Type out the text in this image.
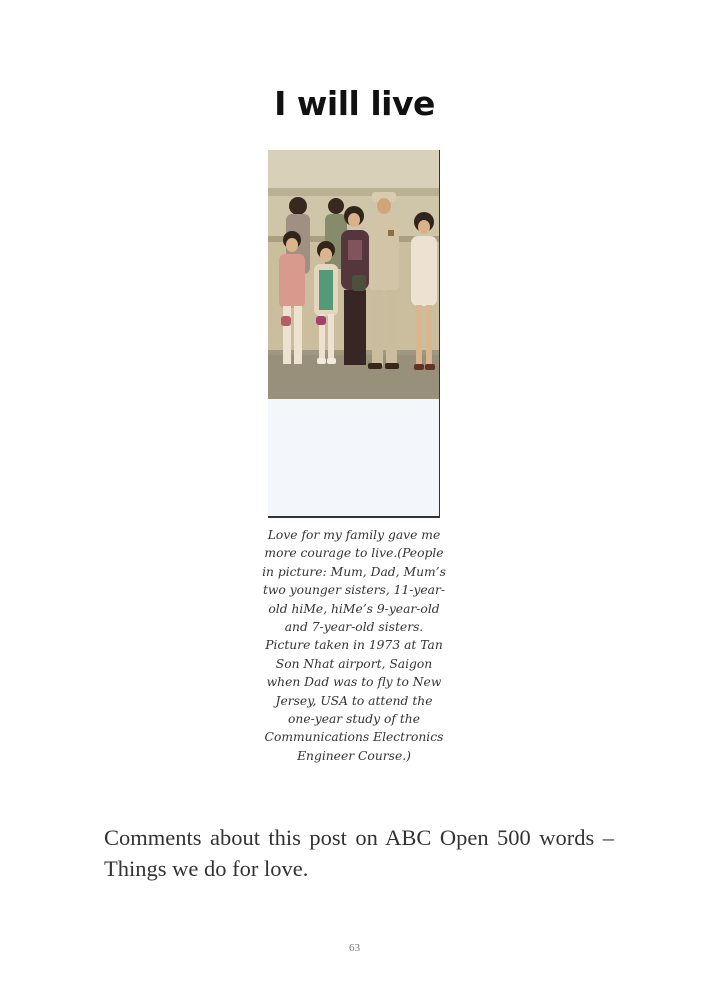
I will live

Love for my family gave me more courage to live.(People in picture: Mum, Dad, Mum’s two younger sisters, 11-year-old hiMe, hiMe’s 9-year-old and 7-year-old sisters. Picture taken in 1973 at Tan Son Nhat airport, Saigon when Dad was to fly to New Jersey, USA to attend the one-year study of the Communications Electronics Engineer Course.)

Comments about this post on ABC Open 500 words – Things we do for love.

63
